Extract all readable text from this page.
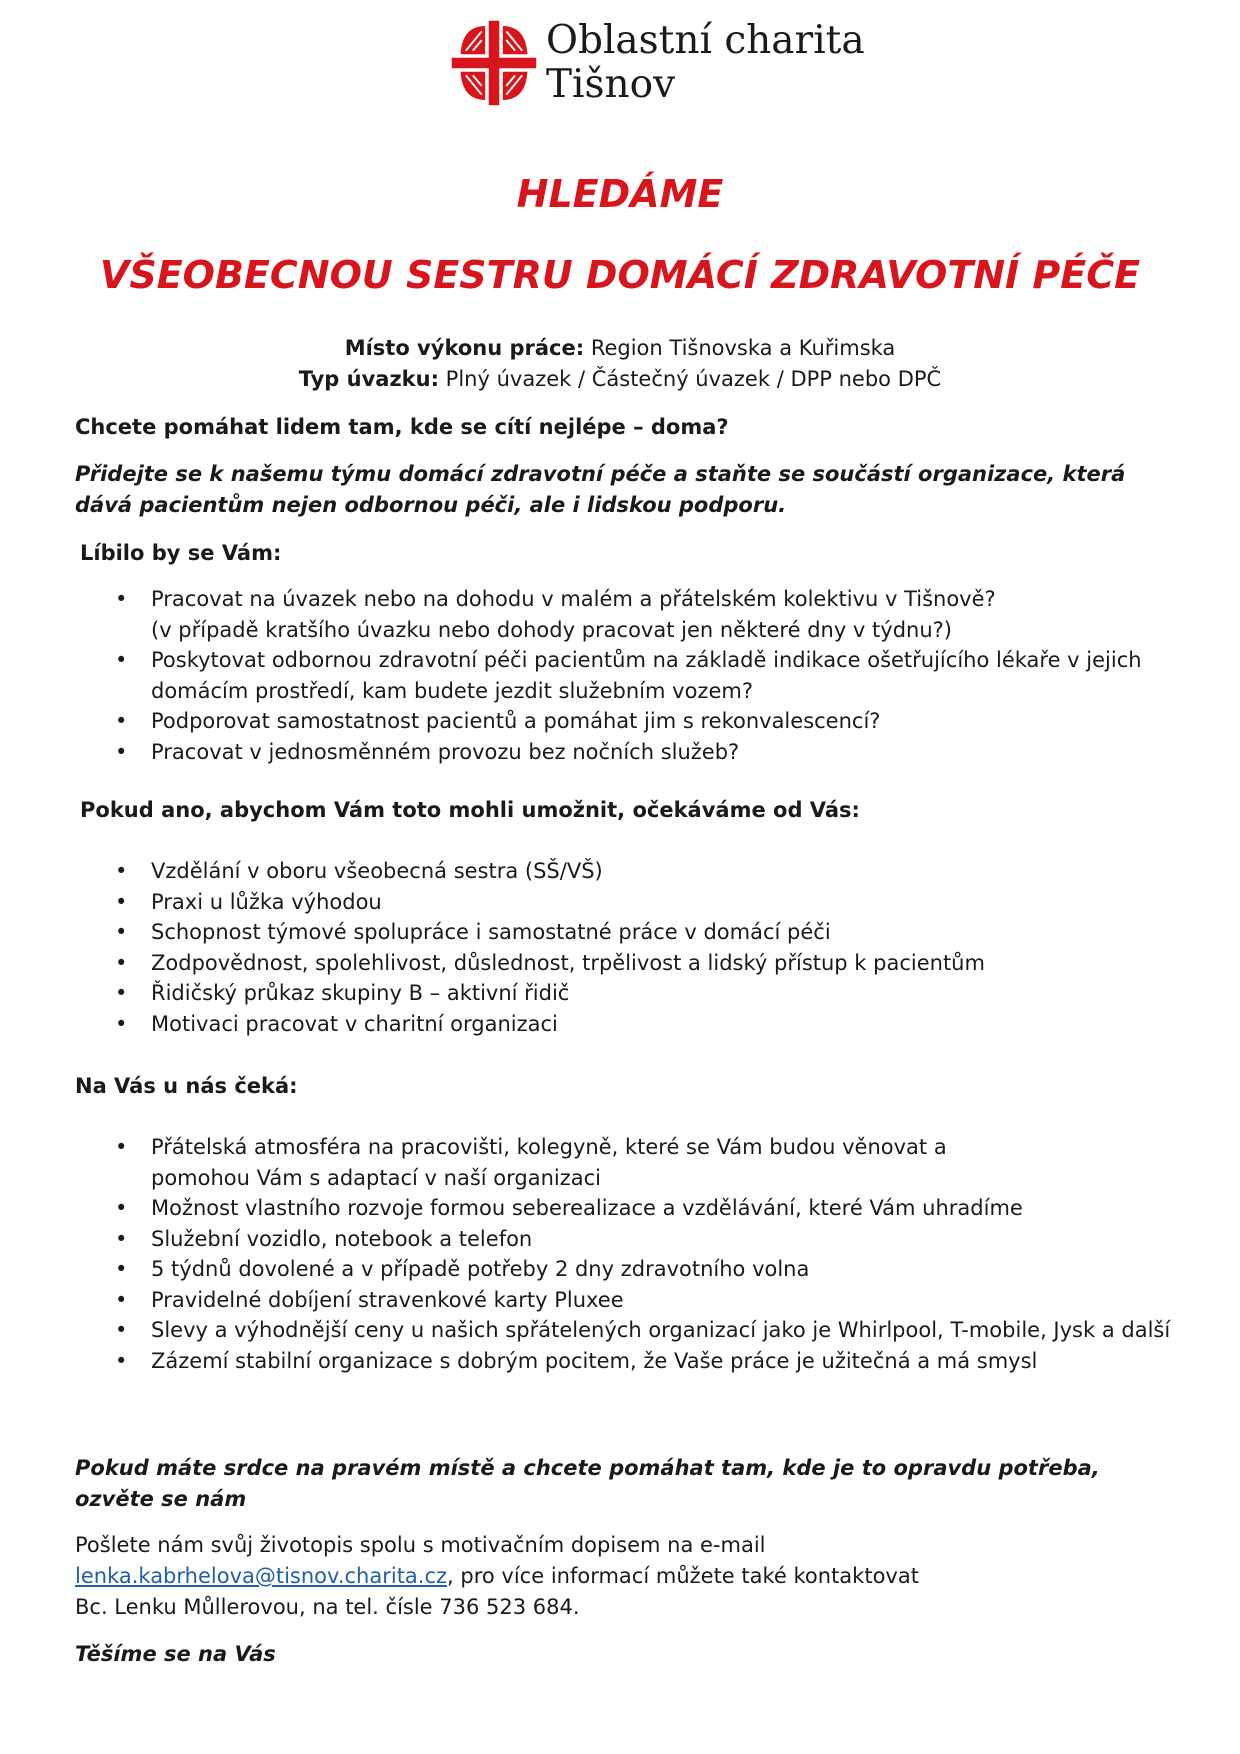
Oblastní charita
Tišnov
HLEDÁME
VŠEOBECNOU SESTRU DOMÁCÍ ZDRAVOTNÍ PÉČE
Místo výkonu práce: Region Tišnovska a Kuřimska
Typ úvazku: Plný úvazek / Částečný úvazek / DPP nebo DPČ
Chcete pomáhat lidem tam, kde se cítí nejlépe – doma?
Přidejte se k našemu týmu domácí zdravotní péče a staňte se součástí organizace, která dává pacientům nejen odbornou péči, ale i lidskou podporu.
Líbilo by se Vám:
• Pracovat na úvazek nebo na dohodu v malém a přátelském kolektivu v Tišnově?
(v případě kratšího úvazku nebo dohody pracovat jen některé dny v týdnu?)
• Poskytovat odbornou zdravotní péči pacientům na základě indikace ošetřujícího lékaře v jejich domácím prostředí, kam budete jezdit služebním vozem?
• Podporovat samostatnost pacientů a pomáhat jim s rekonvalescencí?
• Pracovat v jednosměnném provozu bez nočních služeb?
Pokud ano, abychom Vám toto mohli umožnit, očekáváme od Vás:
• Vzdělání v oboru všeobecná sestra (SŠ/VŠ)
• Praxi u lůžka výhodou
• Schopnost týmové spolupráce i samostatné práce v domácí péči
• Zodpovědnost, spolehlivost, důslednost, trpělivost a lidský přístup k pacientům
• Řidičský průkaz skupiny B – aktivní řidič
• Motivaci pracovat v charitní organizaci
Na Vás u nás čeká:
• Přátelská atmosféra na pracovišti, kolegyně, které se Vám budou věnovat a pomohou Vám s adaptací v naší organizaci
• Možnost vlastního rozvoje formou seberealizace a vzdělávání, které Vám uhradíme
• Služební vozidlo, notebook a telefon
• 5 týdnů dovolené a v případě potřeby 2 dny zdravotního volna
• Pravidelné dobíjení stravenkové karty Pluxee
• Slevy a výhodnější ceny u našich spřátelených organizací jako je Whirlpool, T-mobile, Jysk a další
• Zázemí stabilní organizace s dobrým pocitem, že Vaše práce je užitečná a má smysl
Pokud máte srdce na pravém místě a chcete pomáhat tam, kde je to opravdu potřeba, ozvěte se nám
Pošlete nám svůj životopis spolu s motivačním dopisem na e-mail
lenka.kabrhelova@tisnov.charita.cz, pro více informací můžete také kontaktovat
Bc. Lenku Můllerovou, na tel. čísle 736 523 684.
Těšíme se na Vás
